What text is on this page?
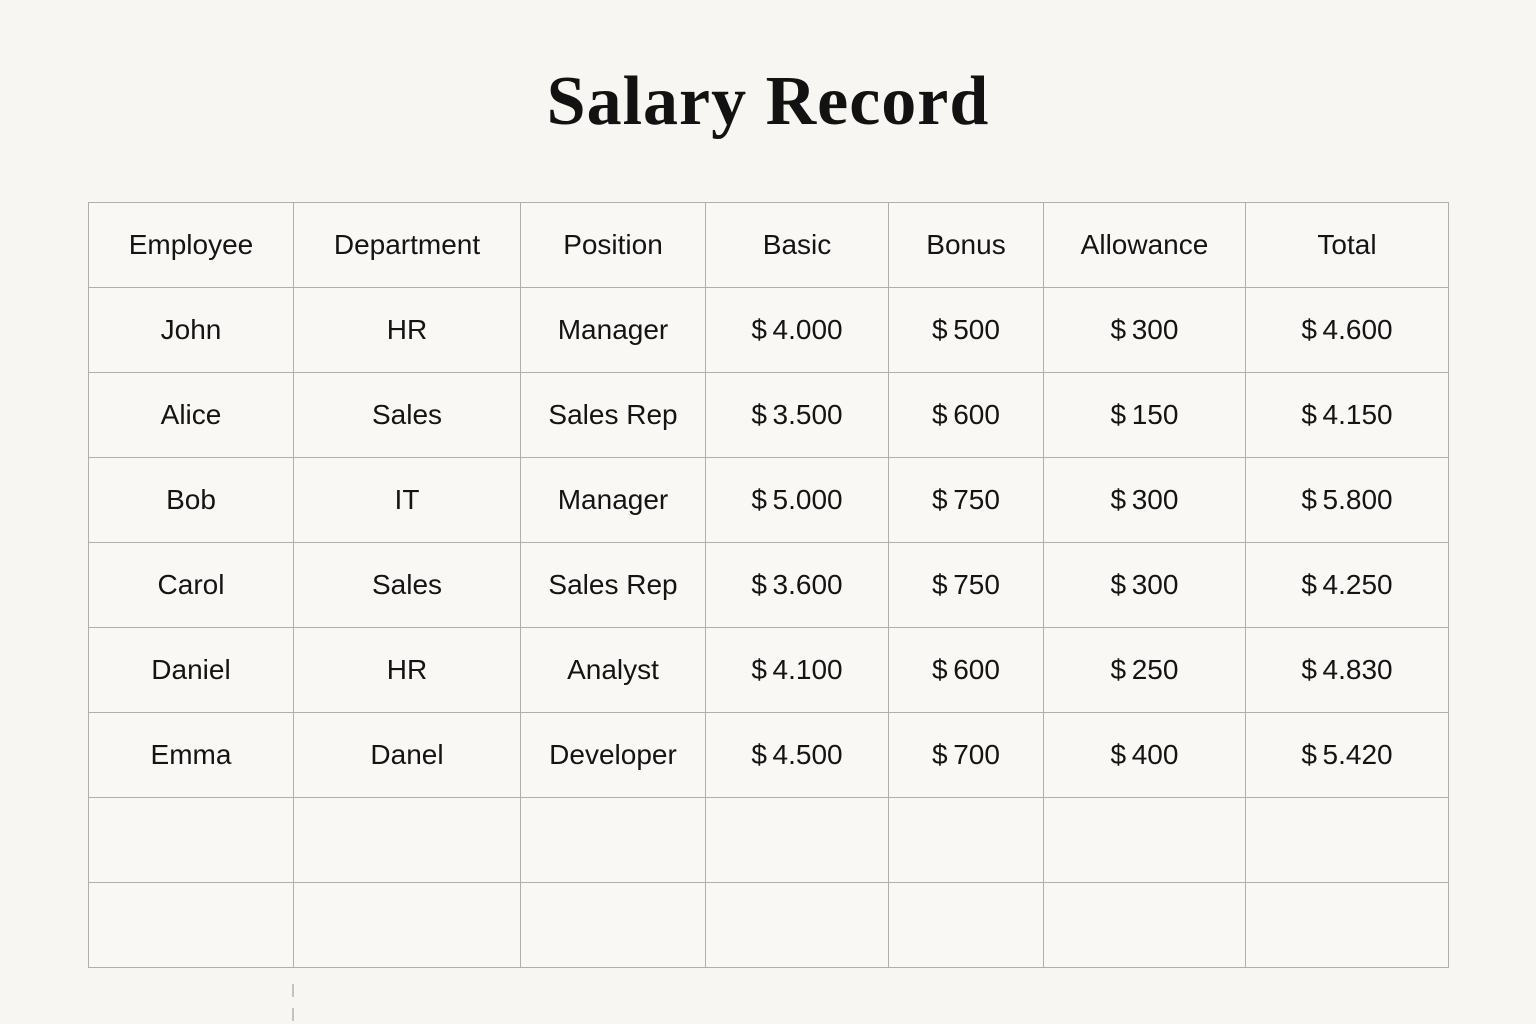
Salary Record
Employee	Department	Position	Basic	Bonus	Allowance	Total
John	HR	Manager	$ 4.000	$ 500	$ 300	$ 4.600
Alice	Sales	Sales Rep	$ 3.500	$ 600	$ 150	$ 4.150
Bob	IT	Manager	$ 5.000	$ 750	$ 300	$ 5.800
Carol	Sales	Sales Rep	$ 3.600	$ 750	$ 300	$ 4.250
Daniel	HR	Analyst	$ 4.100	$ 600	$ 250	$ 4.830
Emma	Danel	Developer	$ 4.500	$ 700	$ 400	$ 5.420
